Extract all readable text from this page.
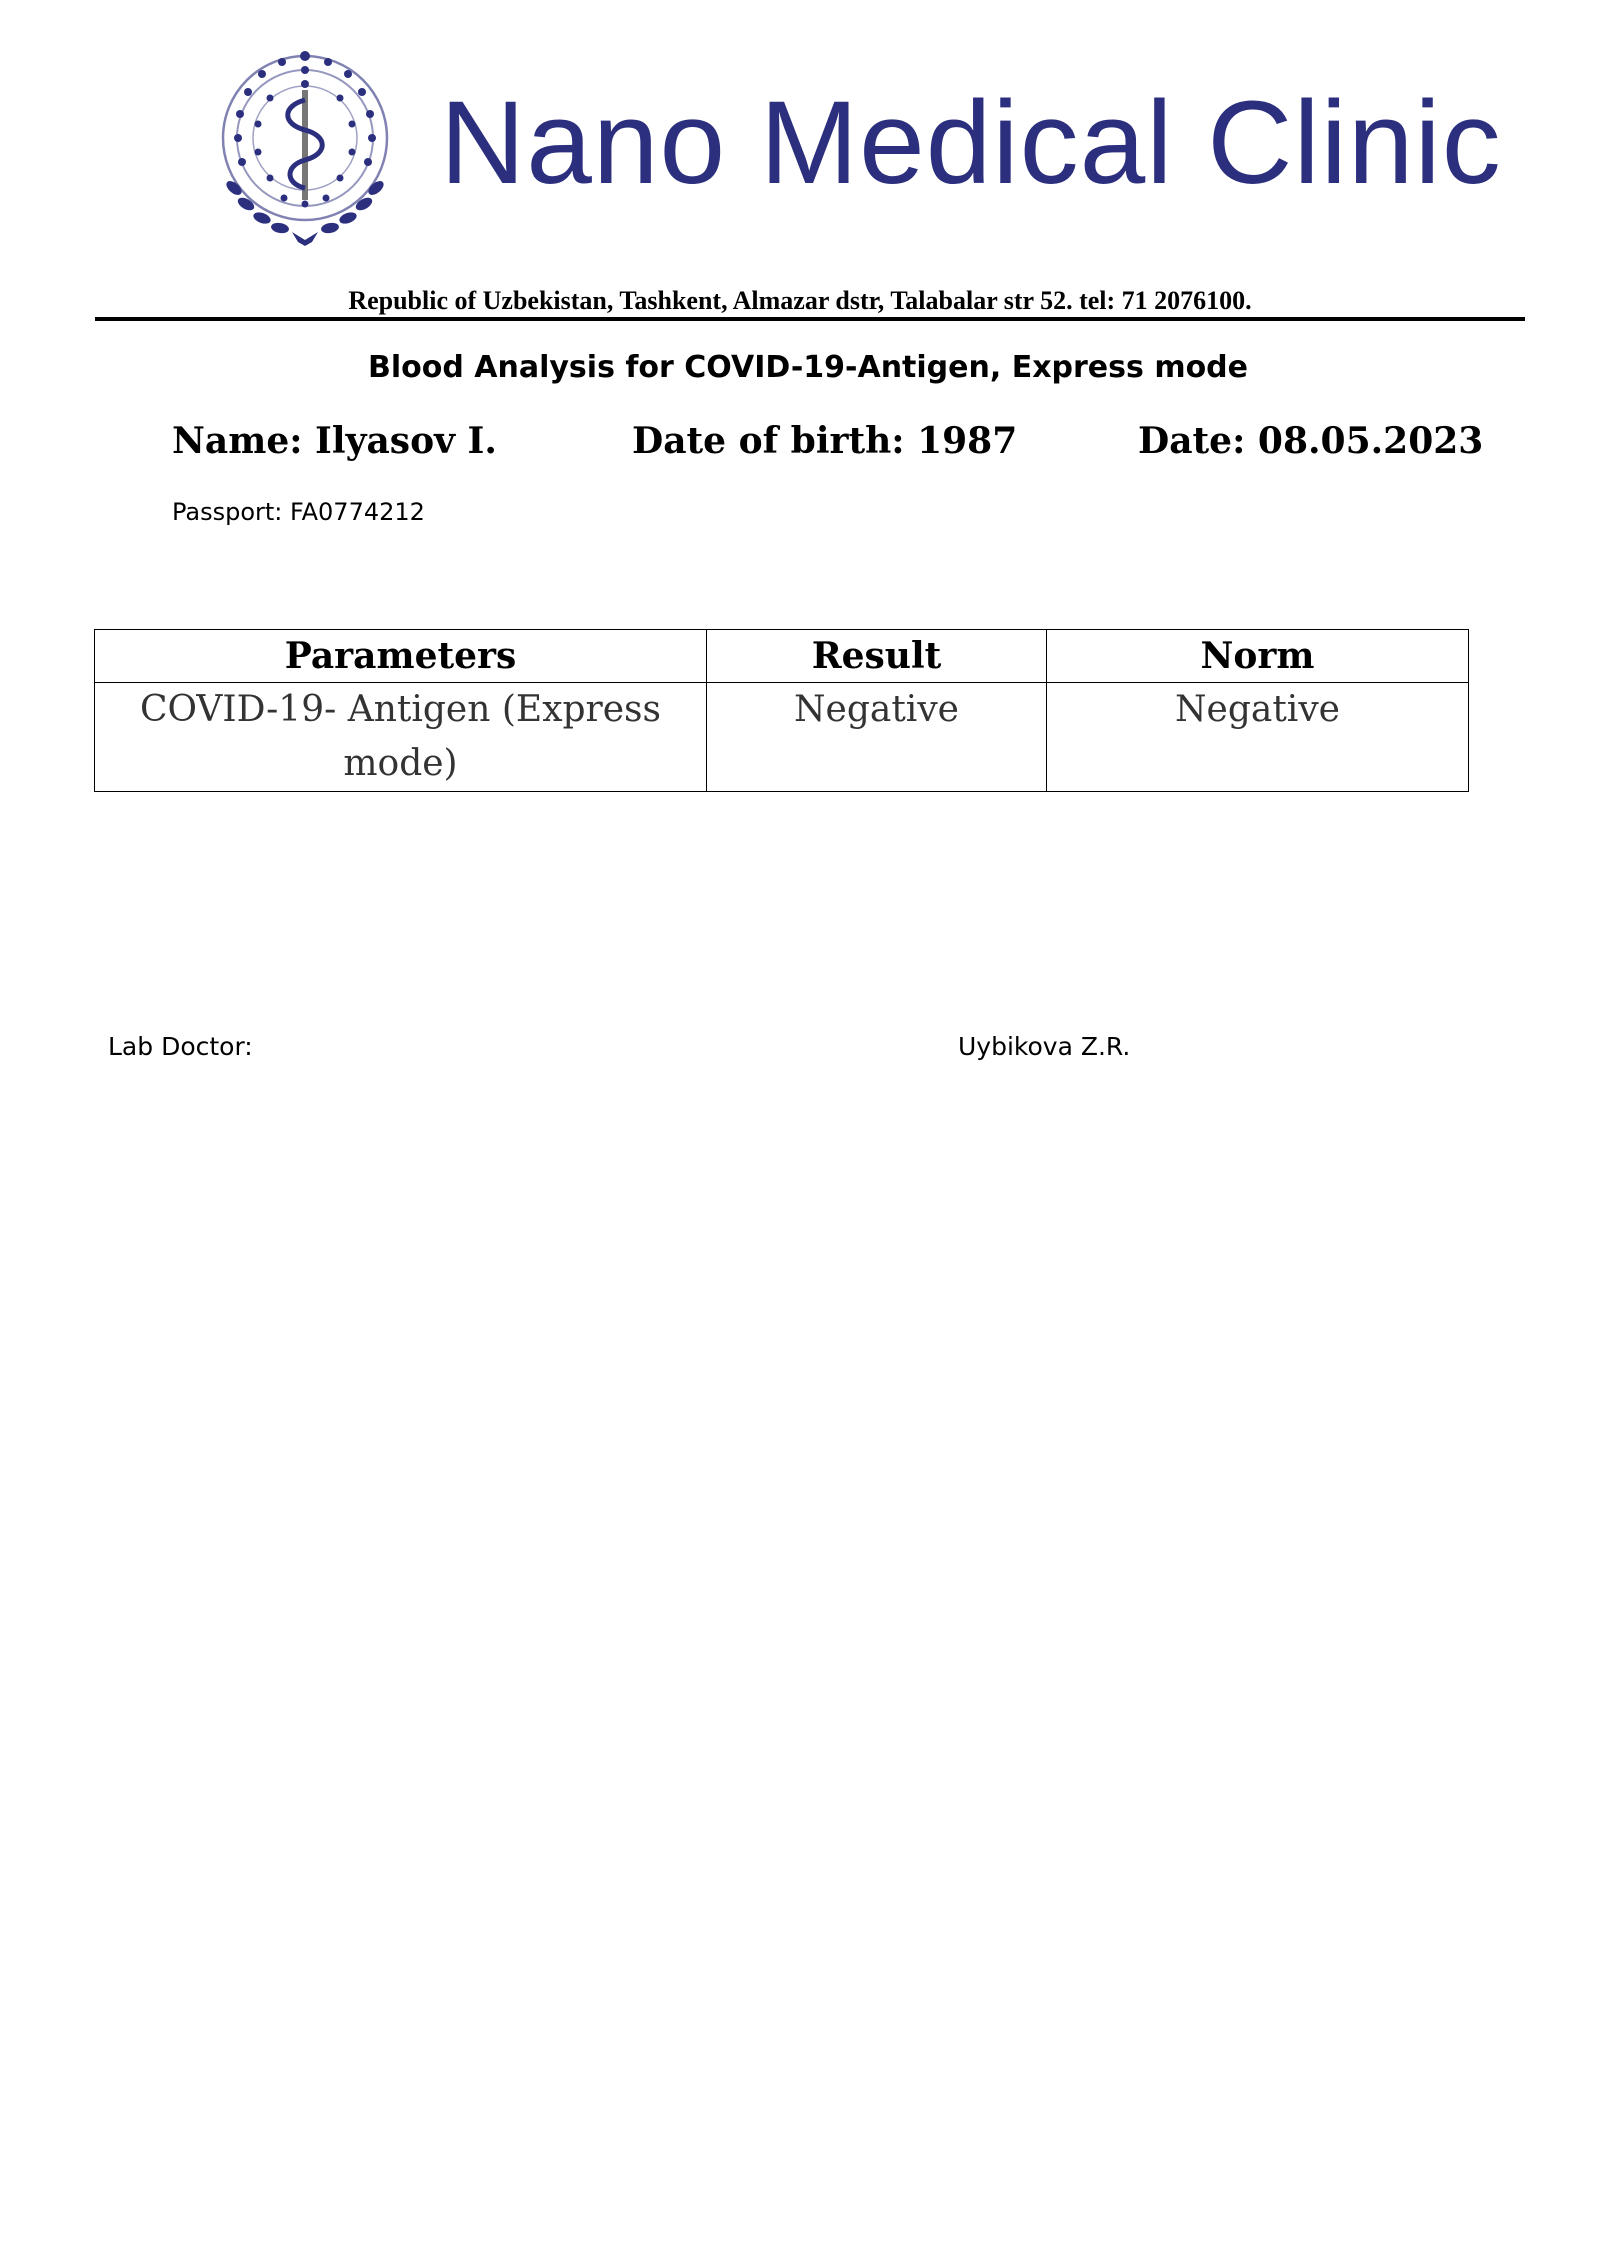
Nano Medical Clinic
Republic of Uzbekistan, Tashkent, Almazar dstr, Talabalar str 52. tel: 71 2076100.
Blood Analysis for COVID-19-Antigen, Express mode
Name: Ilyasov I.	Date of birth: 1987	Date: 08.05.2023
Passport: FA0774212
Parameters	Result	Norm
COVID-19- Antigen (Express mode)	Negative	Negative
Lab Doctor:	Uybikova Z.R.
